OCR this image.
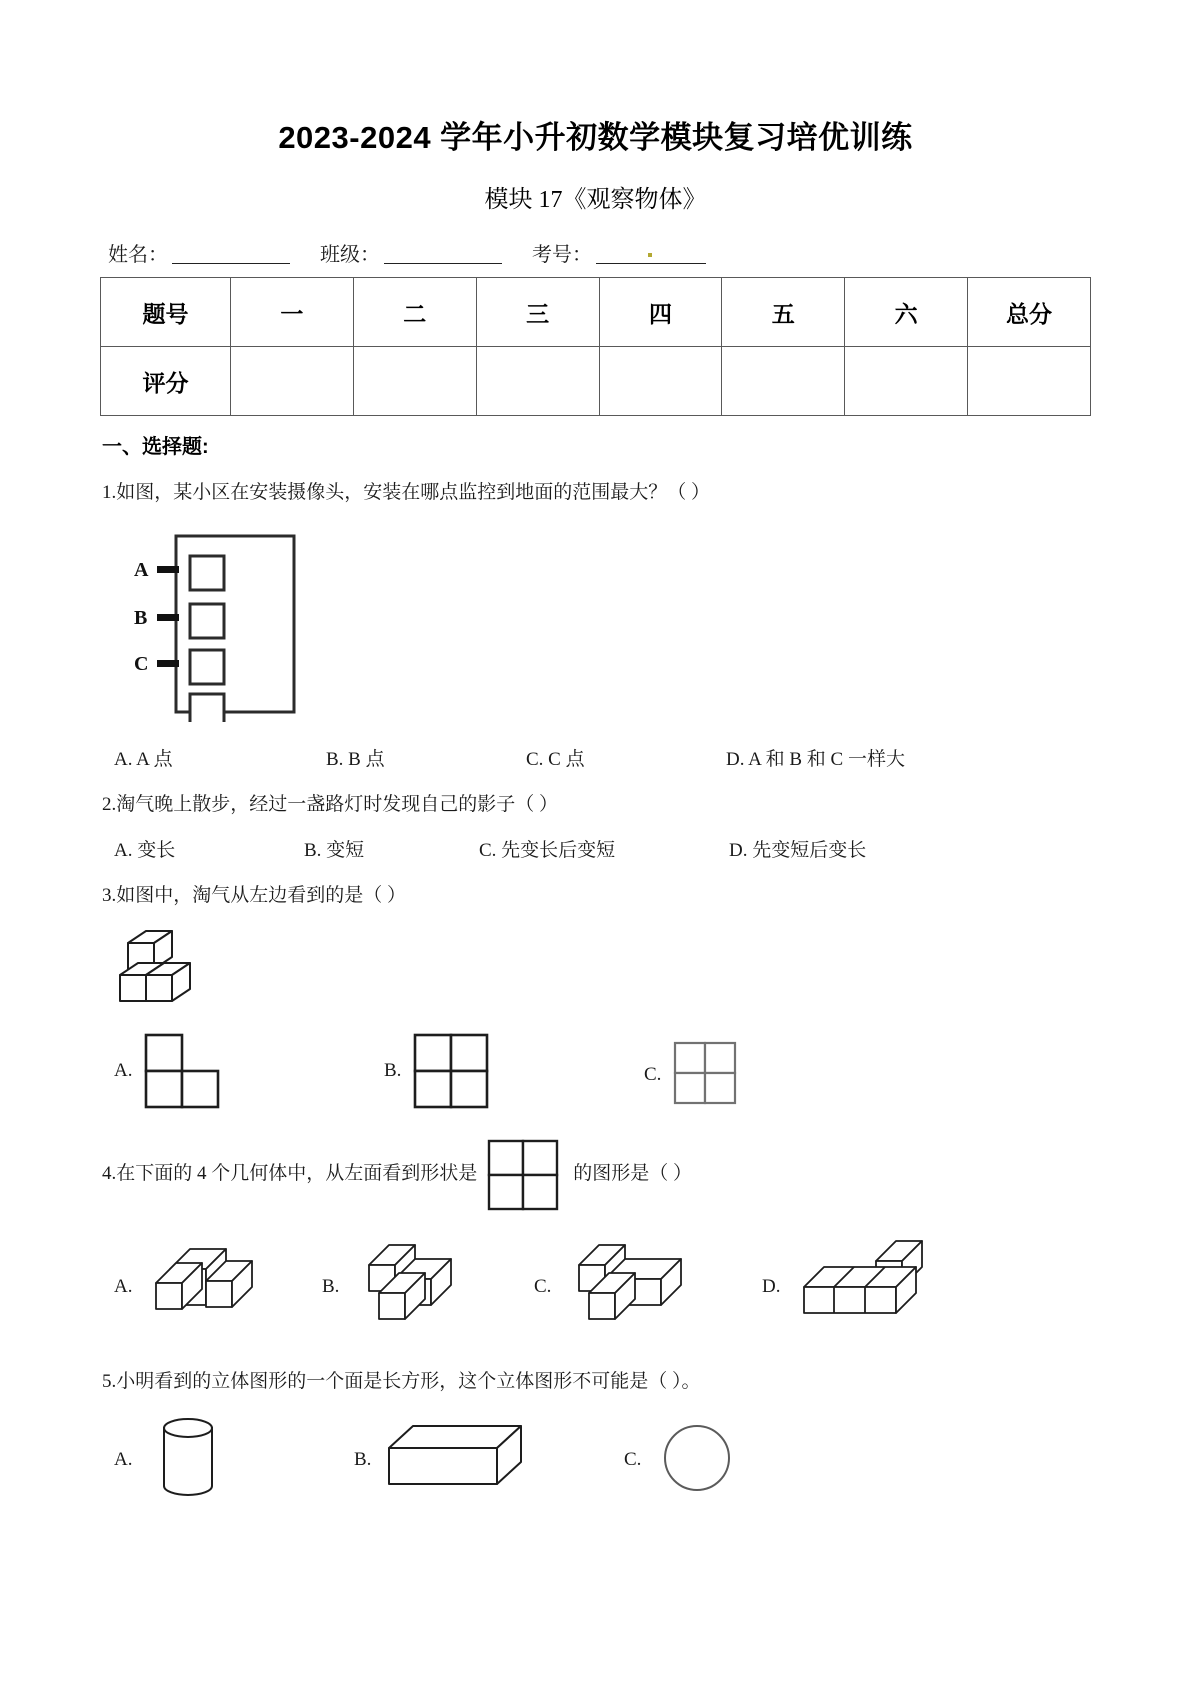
2023-2024 学年小升初数学模块复习培优训练
模块 17《观察物体》
姓名：	班级：	考号：
题号	一	二	三	四	五	六	总分
评分							
一、选择题:
1.如图，某小区在安装摄像头，安装在哪点监控到地面的范围最大？（ ）
A
B
C
A. A 点	B. B 点	C. C 点	D. A 和 B 和 C 一样大
2.淘气晚上散步，经过一盏路灯时发现自己的影子（ ）
A. 变长	B. 变短	C. 先变长后变短	D. 先变短后变长
3.如图中，淘气从左边看到的是（ ）
A.	B.	C.
4.在下面的 4 个几何体中，从左面看到形状是	的图形是（ ）
A.	B.	C.	D.
5.小明看到的立体图形的一个面是长方形，这个立体图形不可能是（ ）。
A.	B.	C.
